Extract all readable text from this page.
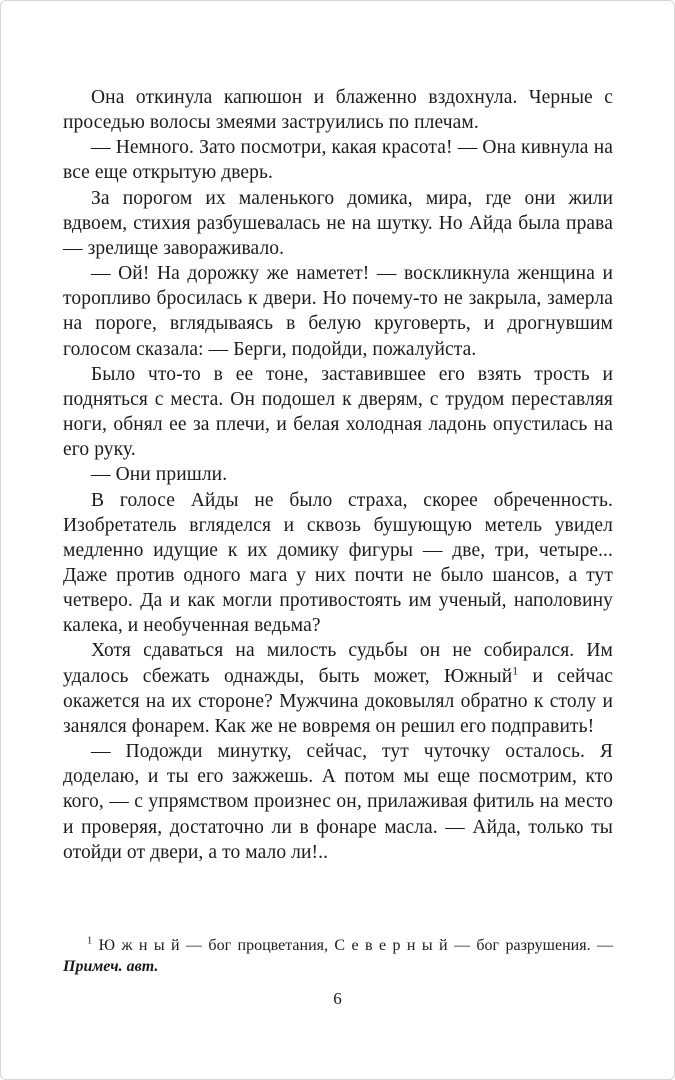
Она откинула капюшон и блаженно вздохнула. Черные с проседью волосы змеями заструились по плечам.

— Немного. Зато посмотри, какая красота! — Она кивнула на все еще открытую дверь.

За порогом их маленького домика, мира, где они жили вдвоем, стихия разбушевалась не на шутку. Но Айда была права — зрелище завораживало.

— Ой! На дорожку же наметет! — воскликнула женщина и торопливо бросилась к двери. Но почему-то не закрыла, замерла на пороге, вглядываясь в белую круговерть, и дрогнувшим голосом сказала: — Берги, подойди, пожалуйста.

Было что-то в ее тоне, заставившее его взять трость и подняться с места. Он подошел к дверям, с трудом переставляя ноги, обнял ее за плечи, и белая холодная ладонь опустилась на его руку.

— Они пришли.

В голосе Айды не было страха, скорее обреченность. Изобретатель вгляделся и сквозь бушующую метель увидел медленно идущие к их домику фигуры — две, три, четыре... Даже против одного мага у них почти не было шансов, а тут четверо. Да и как могли противостоять им ученый, наполовину калека, и необученная ведьма?

Хотя сдаваться на милость судьбы он не собирался. Им удалось сбежать однажды, быть может, Южный$^1$ и сейчас окажется на их стороне? Мужчина доковылял обратно к столу и занялся фонарем. Как же не вовремя он решил его подправить!

— Подожди минутку, сейчас, тут чуточку осталось. Я доделаю, и ты его зажжешь. А потом мы еще посмотрим, кто кого, — с упрямством произнес он, прилаживая фитиль на место и проверяя, достаточно ли в фонаре масла. — Айда, только ты отойди от двери, а то мало ли!..

$^1$ Ю ж н ы й — бог процветания, С е в е р н ы й — бог разрушения. — Примеч. авт.

6
